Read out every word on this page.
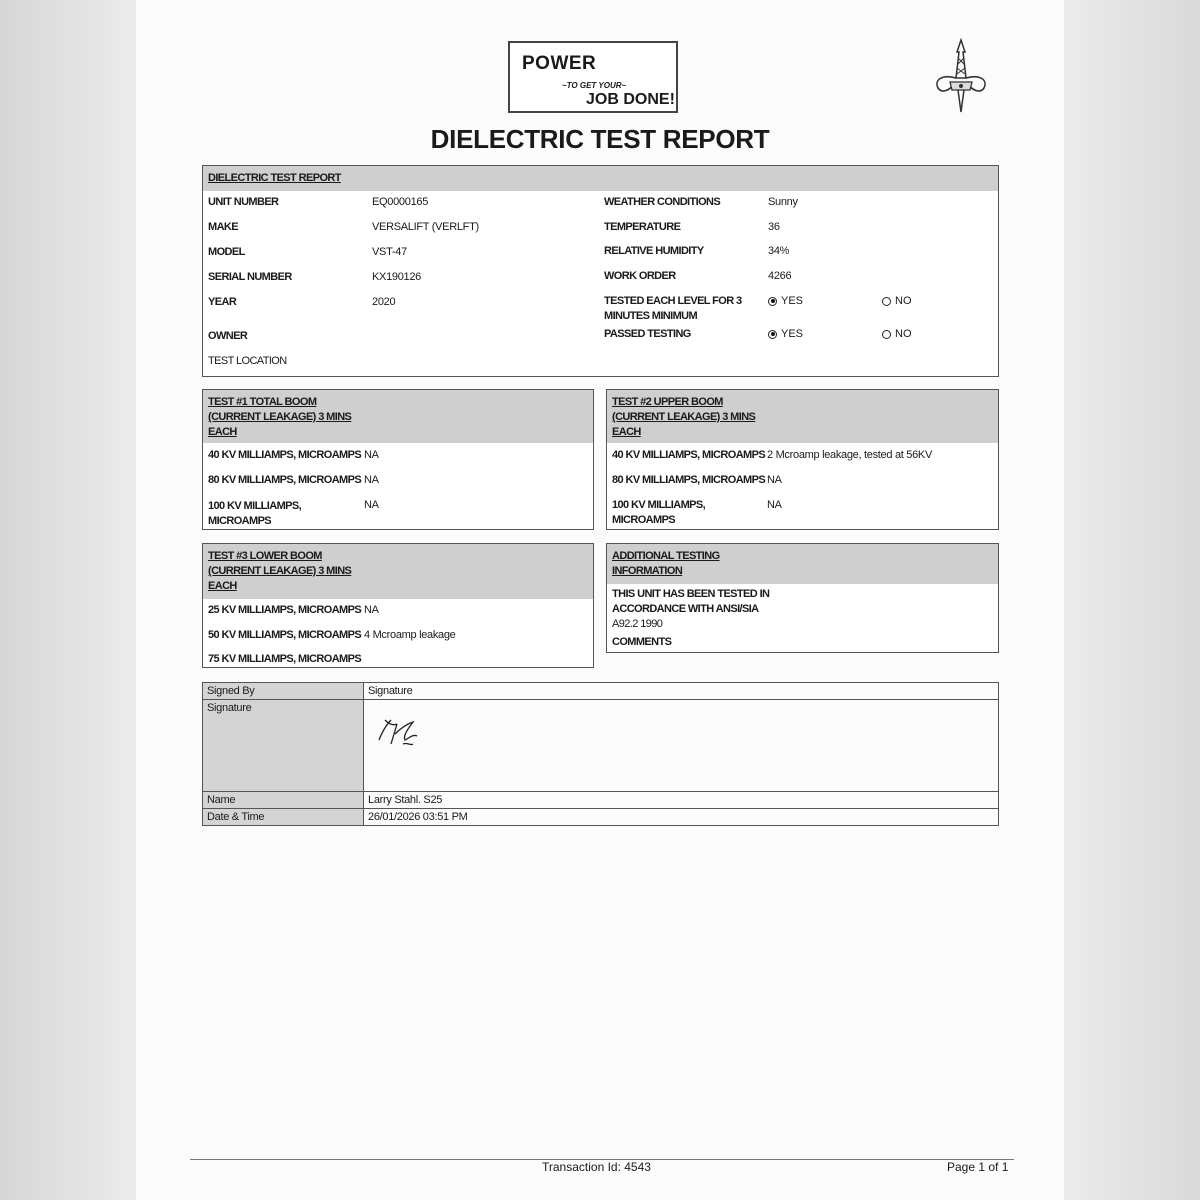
POWER
~TO GET YOUR~
JOB DONE!
DIELECTRIC TEST REPORT
DIELECTRIC TEST REPORT
UNIT NUMBER	EQ0000165
MAKE	VERSALIFT (VERLFT)
MODEL	VST-47
SERIAL NUMBER	KX190126
YEAR	2020
OWNER
TEST LOCATION
WEATHER CONDITIONS	Sunny
TEMPERATURE	36
RELATIVE HUMIDITY	34%
WORK ORDER	4266
TESTED EACH LEVEL FOR 3
MINUTES MINIMUM
YES	NO
PASSED TESTING	YES	NO
TEST #1 TOTAL BOOM
(CURRENT LEAKAGE) 3 MINS
EACH
40 KV MILLIAMPS, MICROAMPS NA
80 KV MILLIAMPS, MICROAMPS NA
100 KV MILLIAMPS,
MICROAMPS
NA
TEST #2 UPPER BOOM
(CURRENT LEAKAGE) 3 MINS
EACH
40 KV MILLIAMPS, MICROAMPS 2 Mcroamp leakage, tested at 56KV
80 KV MILLIAMPS, MICROAMPS NA
100 KV MILLIAMPS,
MICROAMPS
NA
TEST #3 LOWER BOOM
(CURRENT LEAKAGE) 3 MINS
EACH
25 KV MILLIAMPS, MICROAMPS NA
50 KV MILLIAMPS, MICROAMPS 4 Mcroamp leakage
75 KV MILLIAMPS, MICROAMPS
ADDITIONAL TESTING
INFORMATION
THIS UNIT HAS BEEN TESTED IN
ACCORDANCE WITH ANSI/SIA
A92.2 1990
COMMENTS
Signed By	Signature
Signature	
Name	Larry Stahl. S25
Date & Time	26/01/2026 03:51 PM
Transaction Id: 4543	Page 1 of 1
